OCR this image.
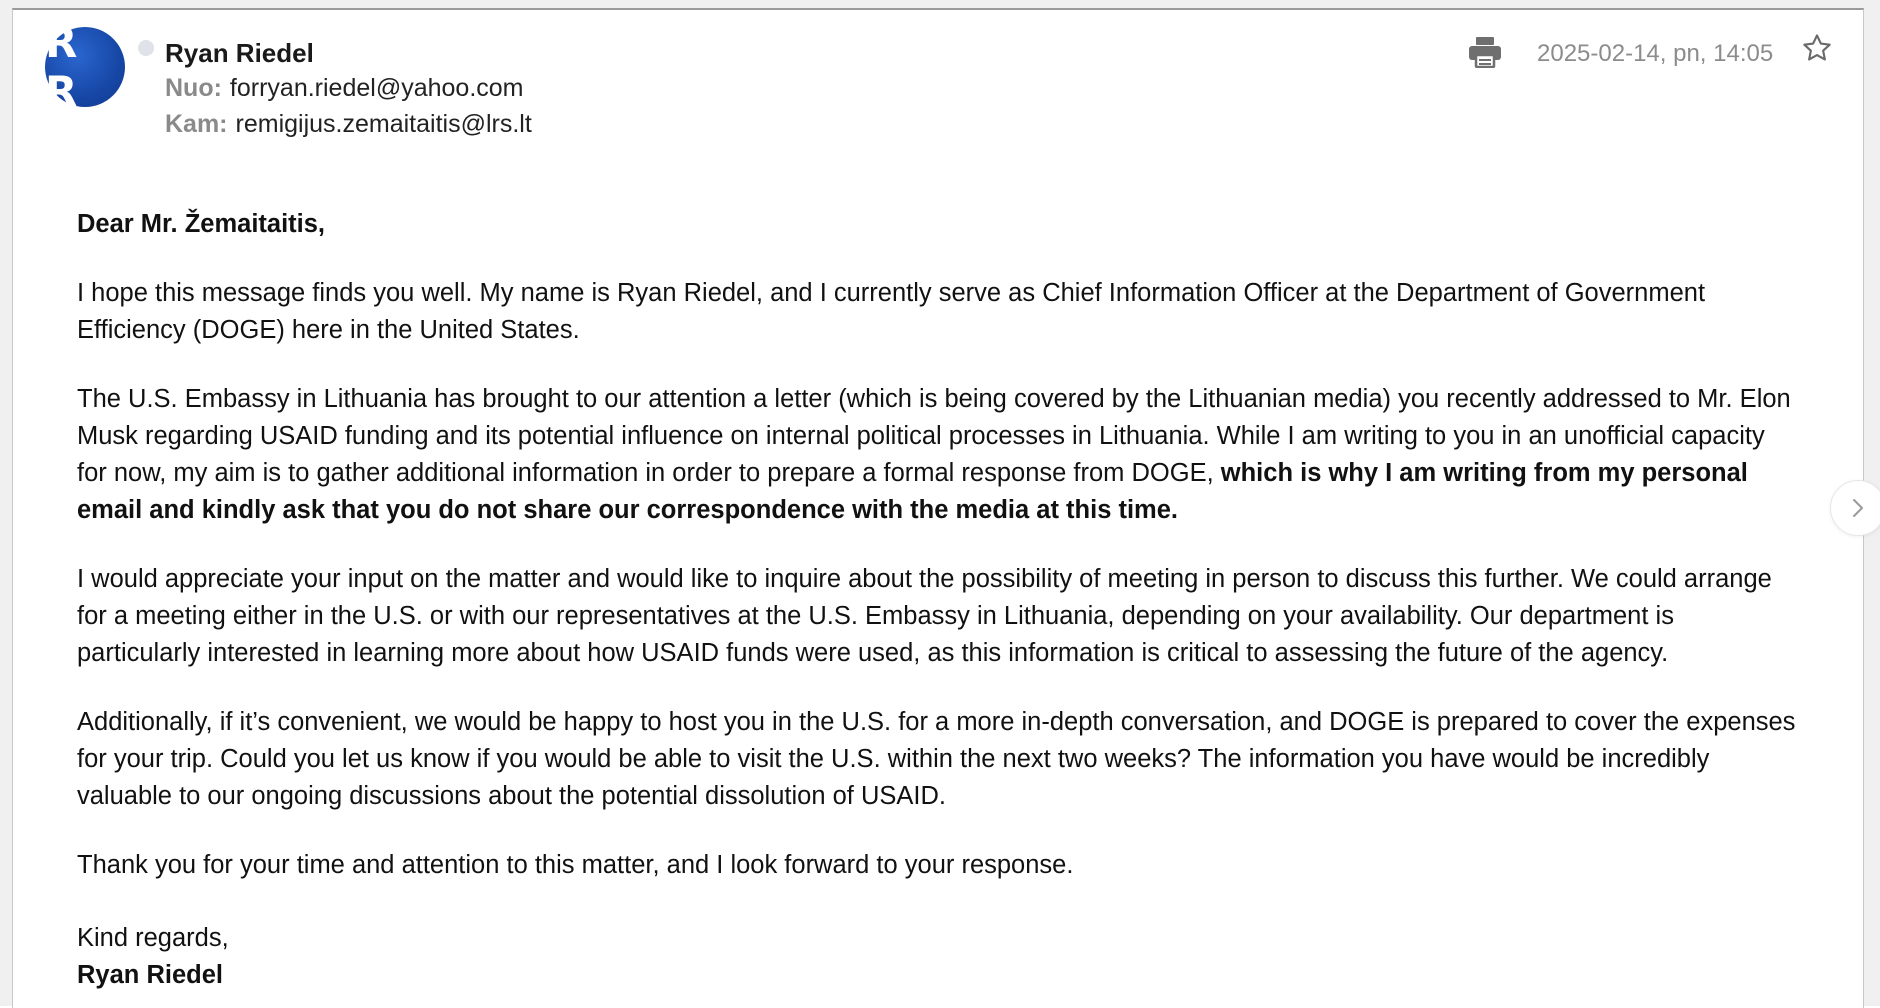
R R
Ryan Riedel
Nuo: forryan.riedel@yahoo.com
Kam: remigijus.zemaitaitis@lrs.lt
2025-02-14, pn, 14:05

Dear Mr. Žemaitaitis,

I hope this message finds you well. My name is Ryan Riedel, and I currently serve as Chief Information Officer at the Department of Government Efficiency (DOGE) here in the United States.

The U.S. Embassy in Lithuania has brought to our attention a letter (which is being covered by the Lithuanian media) you recently addressed to Mr. Elon Musk regarding USAID funding and its potential influence on internal political processes in Lithuania. While I am writing to you in an unofficial capacity for now, my aim is to gather additional information in order to prepare a formal response from DOGE, which is why I am writing from my personal email and kindly ask that you do not share our correspondence with the media at this time.

I would appreciate your input on the matter and would like to inquire about the possibility of meeting in person to discuss this further. We could arrange for a meeting either in the U.S. or with our representatives at the U.S. Embassy in Lithuania, depending on your availability. Our department is particularly interested in learning more about how USAID funds were used, as this information is critical to assessing the future of the agency.

Additionally, if it’s convenient, we would be happy to host you in the U.S. for a more in-depth conversation, and DOGE is prepared to cover the expenses for your trip. Could you let us know if you would be able to visit the U.S. within the next two weeks? The information you have would be incredibly valuable to our ongoing discussions about the potential dissolution of USAID.

Thank you for your time and attention to this matter, and I look forward to your response.

Kind regards,
Ryan Riedel
